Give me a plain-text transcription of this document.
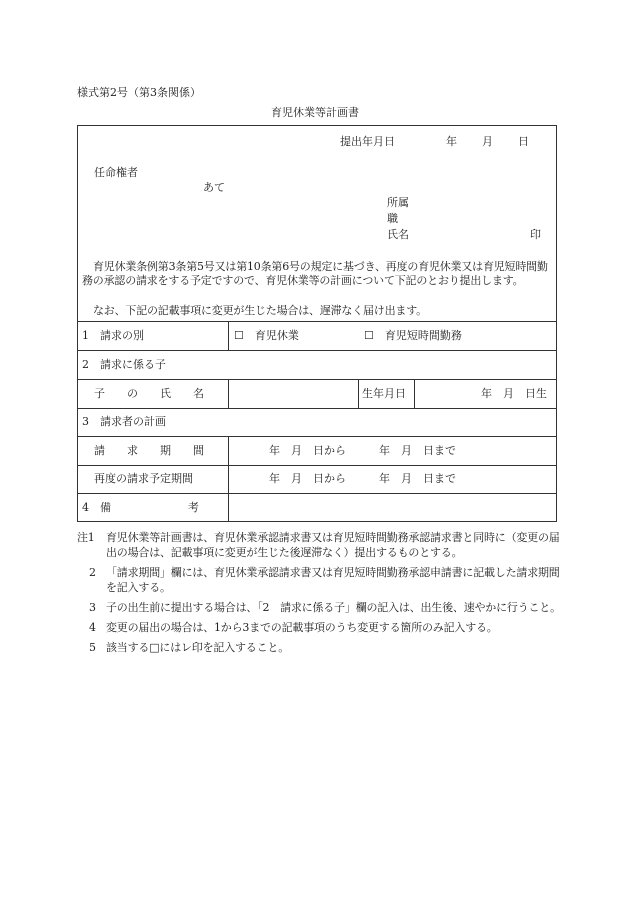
様式第2号（第3条関係）
育児休業等計画書
提出年月日	年 月 日
任命権者
あて
所属
職
氏名	印
育児休業条例第3条第5号又は第10条第6号の規定に基づき、再度の育児休業又は育児短時間勤務の承認の請求をする予定ですので、育児休業等の計画について下記のとおり提出します。
なお、下記の記載事項に変更が生じた場合は、遅滞なく届け出ます。
1　請求の別	☐　育児休業	☐　育児短時間勤務
2　請求に係る子
子　　の　　氏　　名	生年月日	年　月　日生
3　請求者の計画
請　　求　　期　　間	年　月　日から　　　年　月　日まで
再度の請求予定期間	年　月　日から　　　年　月　日まで
4 備　　　　　　　考
注1 育児休業等計画書は、育児休業承認請求書又は育児短時間勤務承認請求書と同時に（変更の届出の場合は、記載事項に変更が生じた後遅滞なく）提出するものとする。
2 「請求期間」欄には、育児休業承認請求書又は育児短時間勤務承認申請書に記載した請求期間を記入する。
3 子の出生前に提出する場合は、「2　請求に係る子」欄の記入は、出生後、速やかに行うこと。
4 変更の届出の場合は、1から3までの記載事項のうち変更する箇所のみ記入する。
5 該当する□にはレ印を記入すること。
